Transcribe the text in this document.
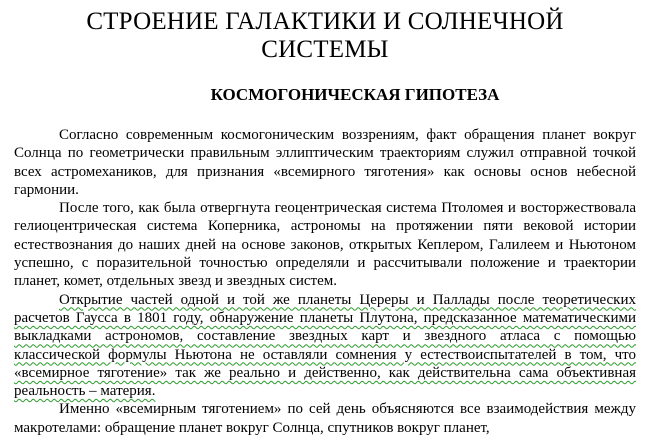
СТРОЕНИЕ ГАЛАКТИКИ И СОЛНЕЧНОЙ
СИСТЕМЫ
КОСМОГОНИЧЕСКАЯ ГИПОТЕЗА

Согласно современным космогоническим воззрениям, факт обращения планет вокруг Солнца по геометрически правильным эллиптическим траекториям служил отправной точкой всех астромехаников, для признания «всемирного тяготения» как основы основ небесной гармонии.

После того, как была отвергнута геоцентрическая система Птоломея и восторжествовала гелиоцентрическая система Коперника, астрономы на протяжении пяти вековой истории естествознания до наших дней на основе законов, открытых Кеплером, Галилеем и Ньютоном успешно, с поразительной точностью определяли и рассчитывали положение и траектории планет, комет, отдельных звезд и звездных систем.

Открытие частей одной и той же планеты Цереры и Паллады после теоретических расчетов Гаусса в 1801 году, обнаружение планеты Плутона, предсказанное математическими выкладками астрономов, составление звездных карт и звездного атласа с помощью классической формулы Ньютона не оставляли сомнения у естествоиспытателей в том, что «всемирное тяготение» так же реально и действенно, как действительна сама объективная реальность – материя.

Именно «всемирным тяготением» по сей день объясняются все взаимодействия между макротелами: обращение планет вокруг Солнца, спутников вокруг планет,
